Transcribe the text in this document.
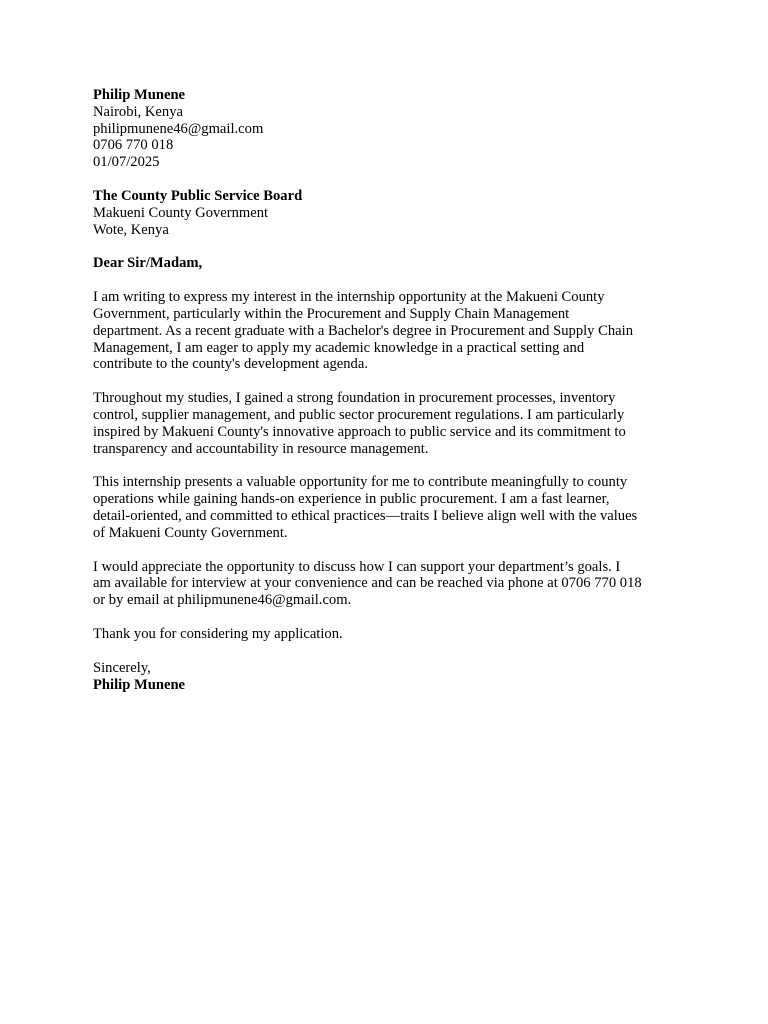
Philip Munene
Nairobi, Kenya
philipmunene46@gmail.com
0706 770 018
01/07/2025
The County Public Service Board
Makueni County Government
Wote, Kenya
Dear Sir/Madam,

I am writing to express my interest in the internship opportunity at the Makueni County
Government, particularly within the Procurement and Supply Chain Management
department. As a recent graduate with a Bachelor's degree in Procurement and Supply Chain
Management, I am eager to apply my academic knowledge in a practical setting and
contribute to the county's development agenda.

Throughout my studies, I gained a strong foundation in procurement processes, inventory
control, supplier management, and public sector procurement regulations. I am particularly
inspired by Makueni County's innovative approach to public service and its commitment to
transparency and accountability in resource management.

This internship presents a valuable opportunity for me to contribute meaningfully to county
operations while gaining hands-on experience in public procurement. I am a fast learner,
detail-oriented, and committed to ethical practices—traits I believe align well with the values
of Makueni County Government.

I would appreciate the opportunity to discuss how I can support your department’s goals. I
am available for interview at your convenience and can be reached via phone at 0706 770 018
or by email at philipmunene46@gmail.com.

Thank you for considering my application.

Sincerely,
Philip Munene
